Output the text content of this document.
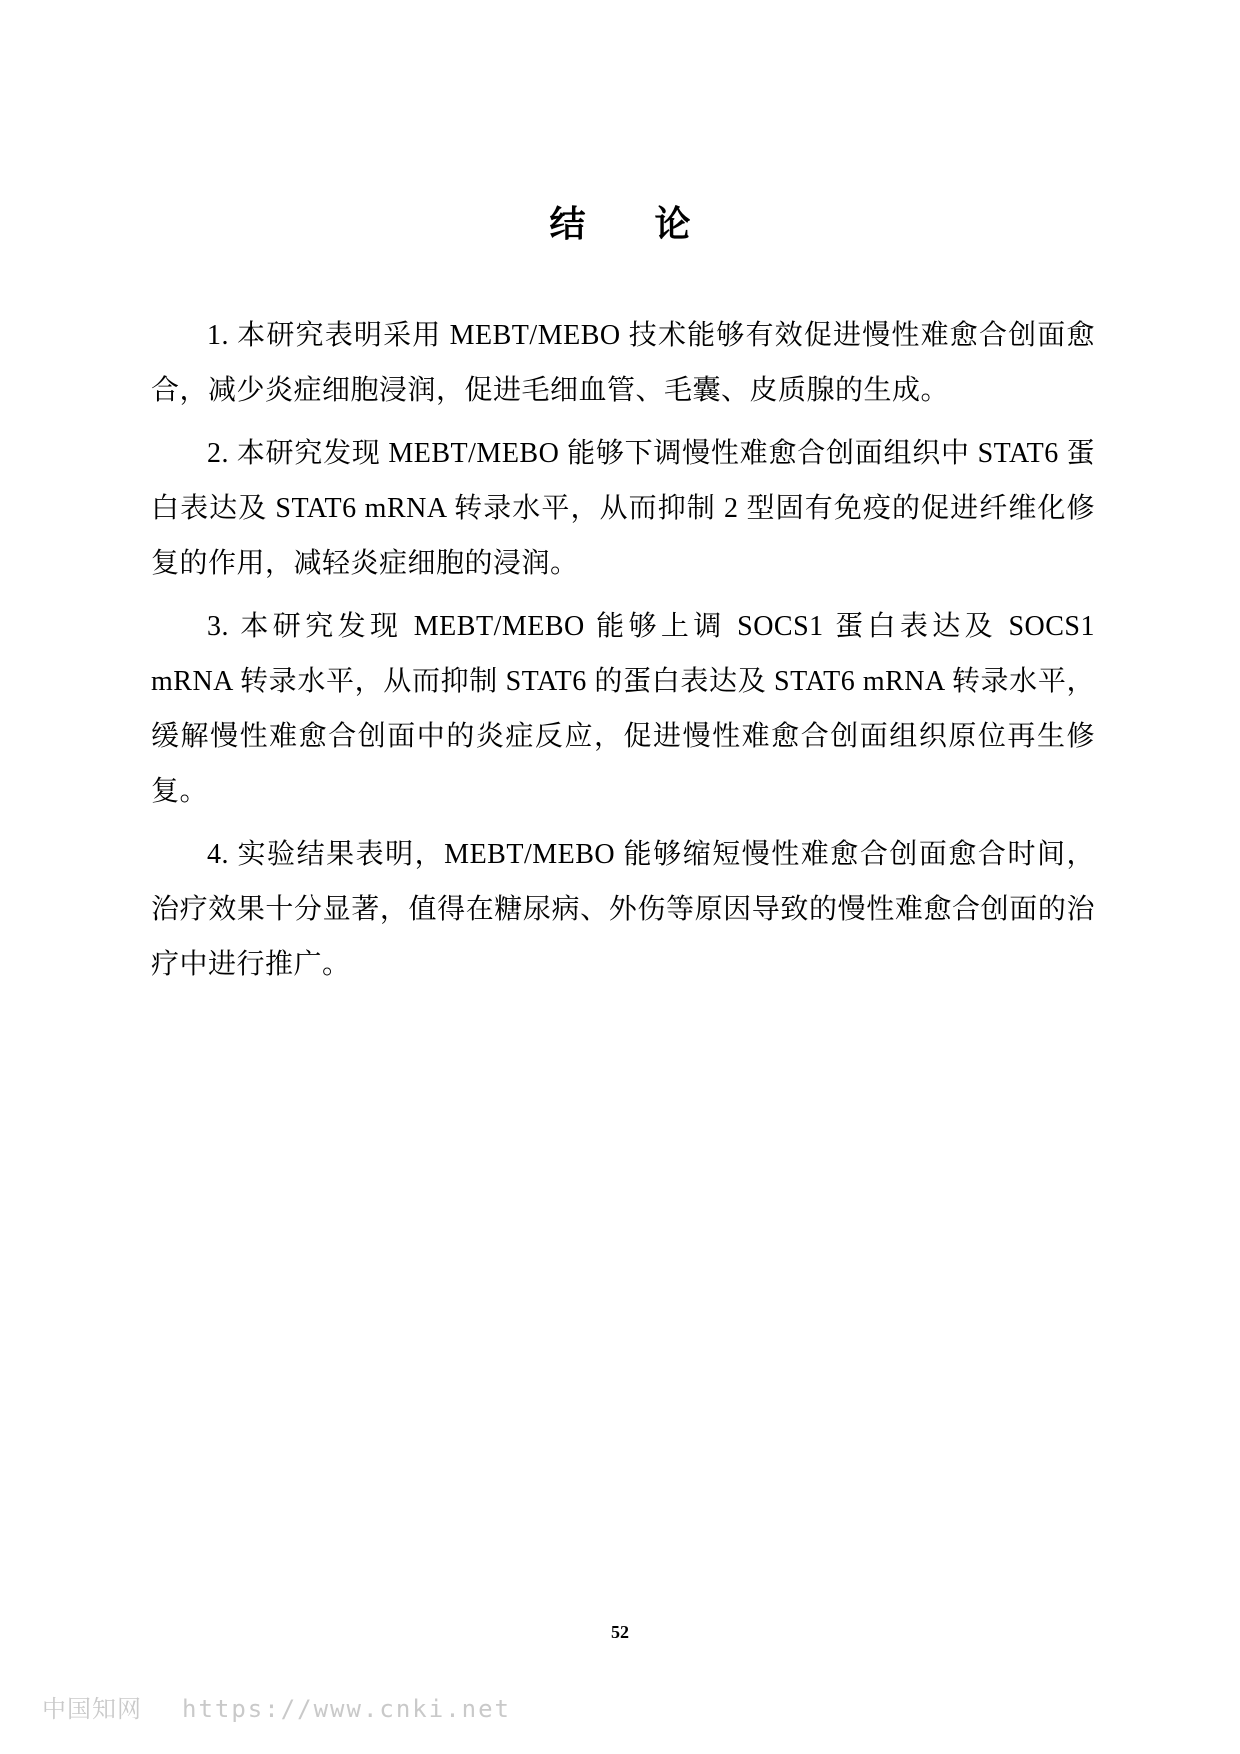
结 论

1. 本研究表明采用 MEBT/MEBO 技术能够有效促进慢性难愈合创面愈合，减少炎症细胞浸润，促进毛细血管、毛囊、皮质腺的生成。

2. 本研究发现 MEBT/MEBO 能够下调慢性难愈合创面组织中 STAT6 蛋白表达及 STAT6 mRNA 转录水平，从而抑制 2 型固有免疫的促进纤维化修复的作用，减轻炎症细胞的浸润。

3. 本研究发现 MEBT/MEBO 能够上调 SOCS1 蛋白表达及 SOCS1 mRNA 转录水平，从而抑制 STAT6 的蛋白表达及 STAT6 mRNA 转录水平，缓解慢性难愈合创面中的炎症反应，促进慢性难愈合创面组织原位再生修复。

4. 实验结果表明，MEBT/MEBO 能够缩短慢性难愈合创面愈合时间，治疗效果十分显著，值得在糖尿病、外伤等原因导致的慢性难愈合创面的治疗中进行推广。

52
中国知网 https://www.cnki.net
